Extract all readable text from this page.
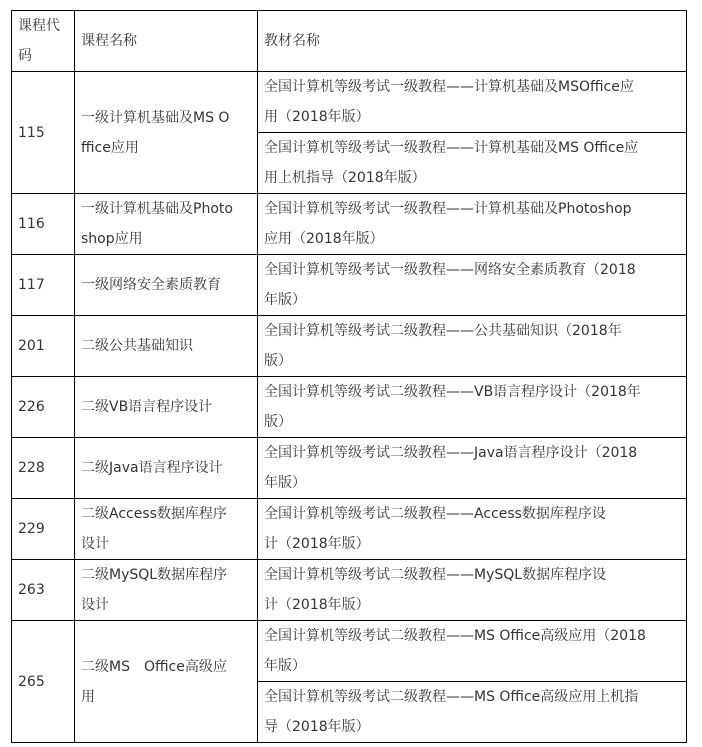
课程代
码	课程名称	教材名称

115	一级计算机基础及MS O
ffice应用	全国计算机等级考试一级教程——计算机基础及MSOffice应
用（2018年版）

		全国计算机等级考试一级教程——计算机基础及MS Office应
用上机指导（2018年版）

116	一级计算机基础及Photo
shop应用	全国计算机等级考试一级教程——计算机基础及Photoshop
应用（2018年版）

117	一级网络安全素质教育	全国计算机等级考试一级教程——网络安全素质教育（2018
年版）

201	二级公共基础知识	全国计算机等级考试二级教程——公共基础知识（2018年
版）

226	二级VB语言程序设计	全国计算机等级考试二级教程——VB语言程序设计（2018年
版）

228	二级Java语言程序设计	全国计算机等级考试二级教程——Java语言程序设计（2018
年版）

229	二级Access数据库程序
设计	全国计算机等级考试二级教程——Access数据库程序设
计（2018年版）

263	二级MySQL数据库程序
设计	全国计算机等级考试二级教程——MySQL数据库程序设
计（2018年版）

265	二级MS　Office高级应
用	全国计算机等级考试二级教程——MS Office高级应用（2018
年版）

		全国计算机等级考试二级教程——MS Office高级应用上机指
导（2018年版）
